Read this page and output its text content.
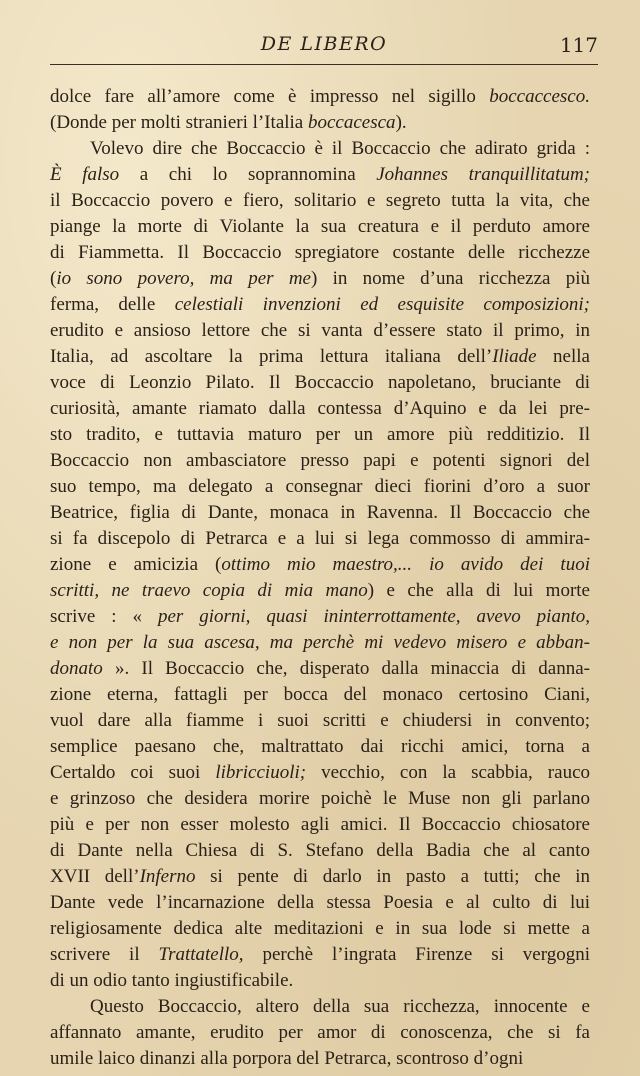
DE LIBERO	117
dolce fare all’amore come è impresso nel sigillo boccaccesco.
(Donde per molti stranieri l’Italia boccacesca).
Volevo dire che Boccaccio è il Boccaccio che adirato grida :
È falso a chi lo soprannomina Johannes tranquillitatum;
il Boccaccio povero e fiero, solitario e segreto tutta la vita, che
piange la morte di Violante la sua creatura e il perduto amore
di Fiammetta. Il Boccaccio spregiatore costante delle ricchezze
(io sono povero, ma per me) in nome d’una ricchezza più
ferma, delle celestiali invenzioni ed esquisite composizioni;
erudito e ansioso lettore che si vanta d’essere stato il primo, in
Italia, ad ascoltare la prima lettura italiana dell’Iliade nella
voce di Leonzio Pilato. Il Boccaccio napoletano, bruciante di
curiosità, amante riamato dalla contessa d’Aquino e da lei pre-
sto tradito, e tuttavia maturo per un amore più redditizio. Il
Boccaccio non ambasciatore presso papi e potenti signori del
suo tempo, ma delegato a consegnar dieci fiorini d’oro a suor
Beatrice, figlia di Dante, monaca in Ravenna. Il Boccaccio che
si fa discepolo di Petrarca e a lui si lega commosso di ammira-
zione e amicizia (ottimo mio maestro,... io avido dei tuoi
scritti, ne traevo copia di mia mano) e che alla di lui morte
scrive : « per giorni, quasi ininterrottamente, avevo pianto,
e non per la sua ascesa, ma perchè mi vedevo misero e abban-
donato ». Il Boccaccio che, disperato dalla minaccia di danna-
zione eterna, fattagli per bocca del monaco certosino Ciani,
vuol dare alla fiamme i suoi scritti e chiudersi in convento;
semplice paesano che, maltrattato dai ricchi amici, torna a
Certaldo coi suoi libricciuoli; vecchio, con la scabbia, rauco
e grinzoso che desidera morire poichè le Muse non gli parlano
più e per non esser molesto agli amici. Il Boccaccio chiosatore
di Dante nella Chiesa di S. Stefano della Badia che al canto
XVII dell’Inferno si pente di darlo in pasto a tutti; che in
Dante vede l’incarnazione della stessa Poesia e al culto di lui
religiosamente dedica alte meditazioni e in sua lode si mette a
scrivere il Trattatello, perchè l’ingrata Firenze si vergogni
di un odio tanto ingiustificabile.
Questo Boccaccio, altero della sua ricchezza, innocente e
affannato amante, erudito per amor di conoscenza, che si fa
umile laico dinanzi alla porpora del Petrarca, scontroso d’ogni
